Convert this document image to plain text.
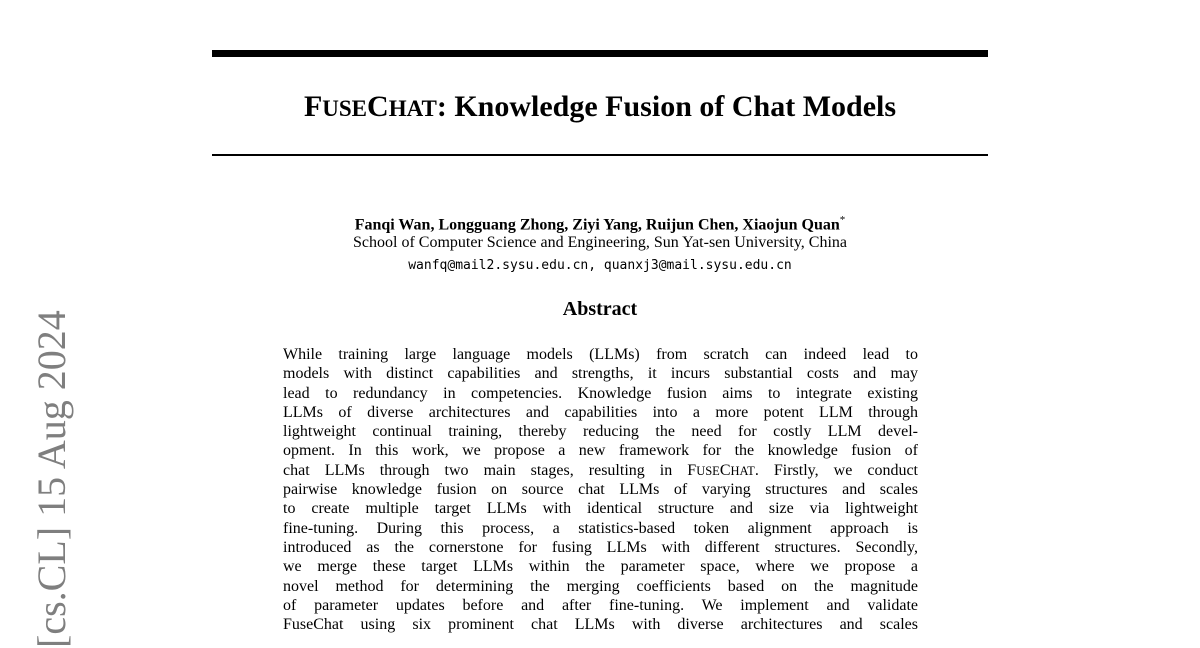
FUSECHAT: Knowledge Fusion of Chat Models
Fanqi Wan, Longguang Zhong, Ziyi Yang, Ruijun Chen, Xiaojun Quan*
School of Computer Science and Engineering, Sun Yat-sen University, China
wanfq@mail2.sysu.edu.cn, quanxj3@mail.sysu.edu.cn
Abstract
While training large language models (LLMs) from scratch can indeed lead to
models with distinct capabilities and strengths, it incurs substantial costs and may
lead to redundancy in competencies. Knowledge fusion aims to integrate existing
LLMs of diverse architectures and capabilities into a more potent LLM through
lightweight continual training, thereby reducing the need for costly LLM devel-
opment. In this work, we propose a new framework for the knowledge fusion of
chat LLMs through two main stages, resulting in FUSECHAT. Firstly, we conduct
pairwise knowledge fusion on source chat LLMs of varying structures and scales
to create multiple target LLMs with identical structure and size via lightweight
fine-tuning. During this process, a statistics-based token alignment approach is
introduced as the cornerstone for fusing LLMs with different structures. Secondly,
we merge these target LLMs within the parameter space, where we propose a
novel method for determining the merging coefficients based on the magnitude
of parameter updates before and after fine-tuning. We implement and validate
FuseChat using six prominent chat LLMs with diverse architectures and scales
[cs.CL] 15 Aug 2024
